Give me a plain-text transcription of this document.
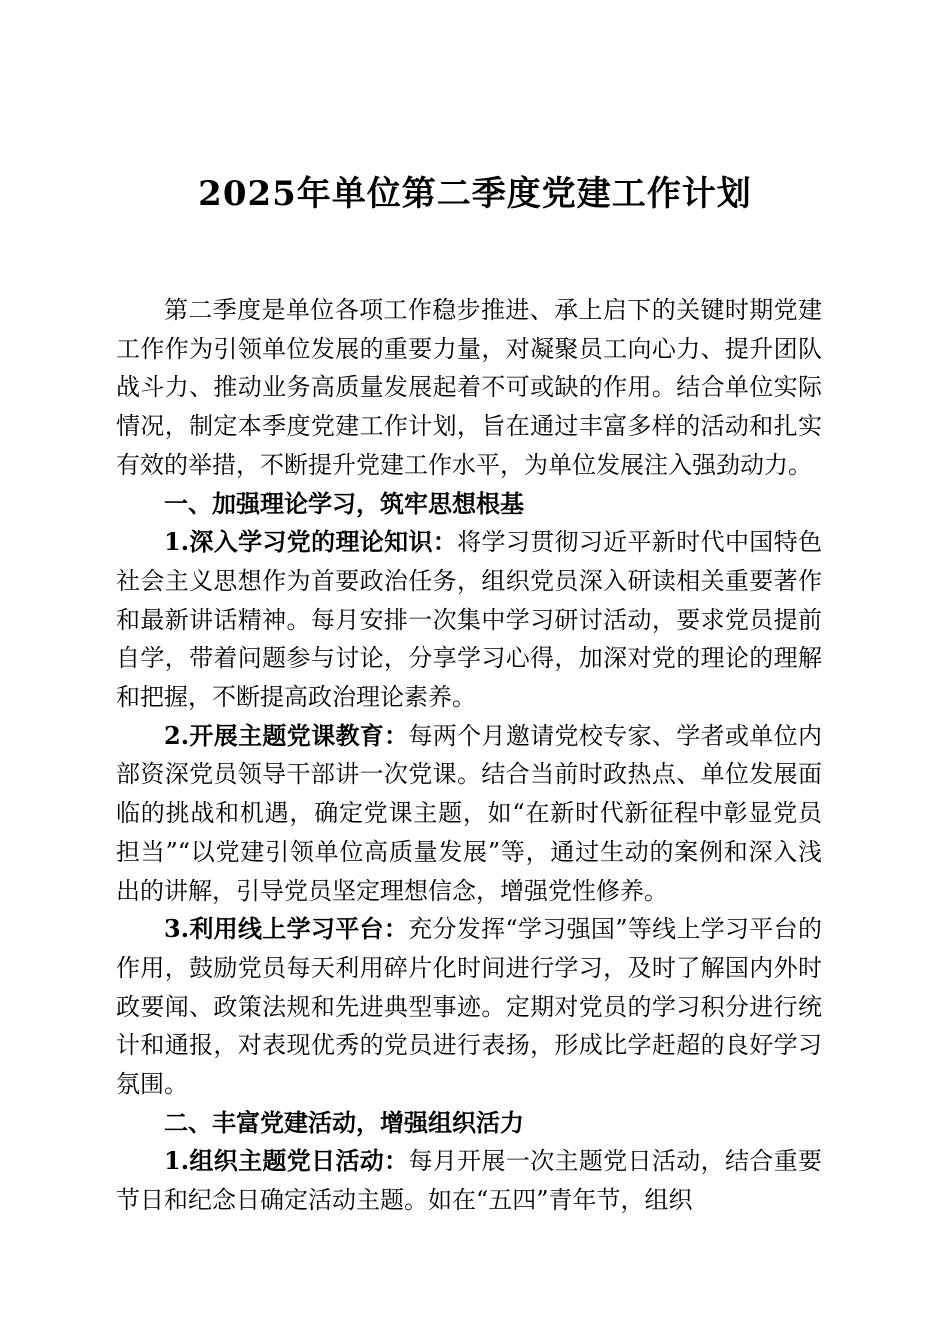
2025年单位第二季度党建工作计划

第二季度是单位各项工作稳步推进、承上启下的关键时期党建工作作为引领单位发展的重要力量，对凝聚员工向心力、提升团队战斗力、推动业务高质量发展起着不可或缺的作用。结合单位实际情况，制定本季度党建工作计划，旨在通过丰富多样的活动和扎实有效的举措，不断提升党建工作水平，为单位发展注入强劲动力。

一、加强理论学习，筑牢思想根基

1.深入学习党的理论知识：将学习贯彻习近平新时代中国特色社会主义思想作为首要政治任务，组织党员深入研读相关重要著作和最新讲话精神。每月安排一次集中学习研讨活动，要求党员提前自学，带着问题参与讨论，分享学习心得，加深对党的理论的理解和把握，不断提高政治理论素养。

2.开展主题党课教育：每两个月邀请党校专家、学者或单位内部资深党员领导干部讲一次党课。结合当前时政热点、单位发展面临的挑战和机遇，确定党课主题，如“在新时代新征程中彰显党员担当”“以党建引领单位高质量发展”等，通过生动的案例和深入浅出的讲解，引导党员坚定理想信念，增强党性修养。

3.利用线上学习平台：充分发挥“学习强国”等线上学习平台的作用，鼓励党员每天利用碎片化时间进行学习，及时了解国内外时政要闻、政策法规和先进典型事迹。定期对党员的学习积分进行统计和通报，对表现优秀的党员进行表扬，形成比学赶超的良好学习氛围。

二、丰富党建活动，增强组织活力

1.组织主题党日活动：每月开展一次主题党日活动，结合重要节日和纪念日确定活动主题。如在“五四”青年节，组织
